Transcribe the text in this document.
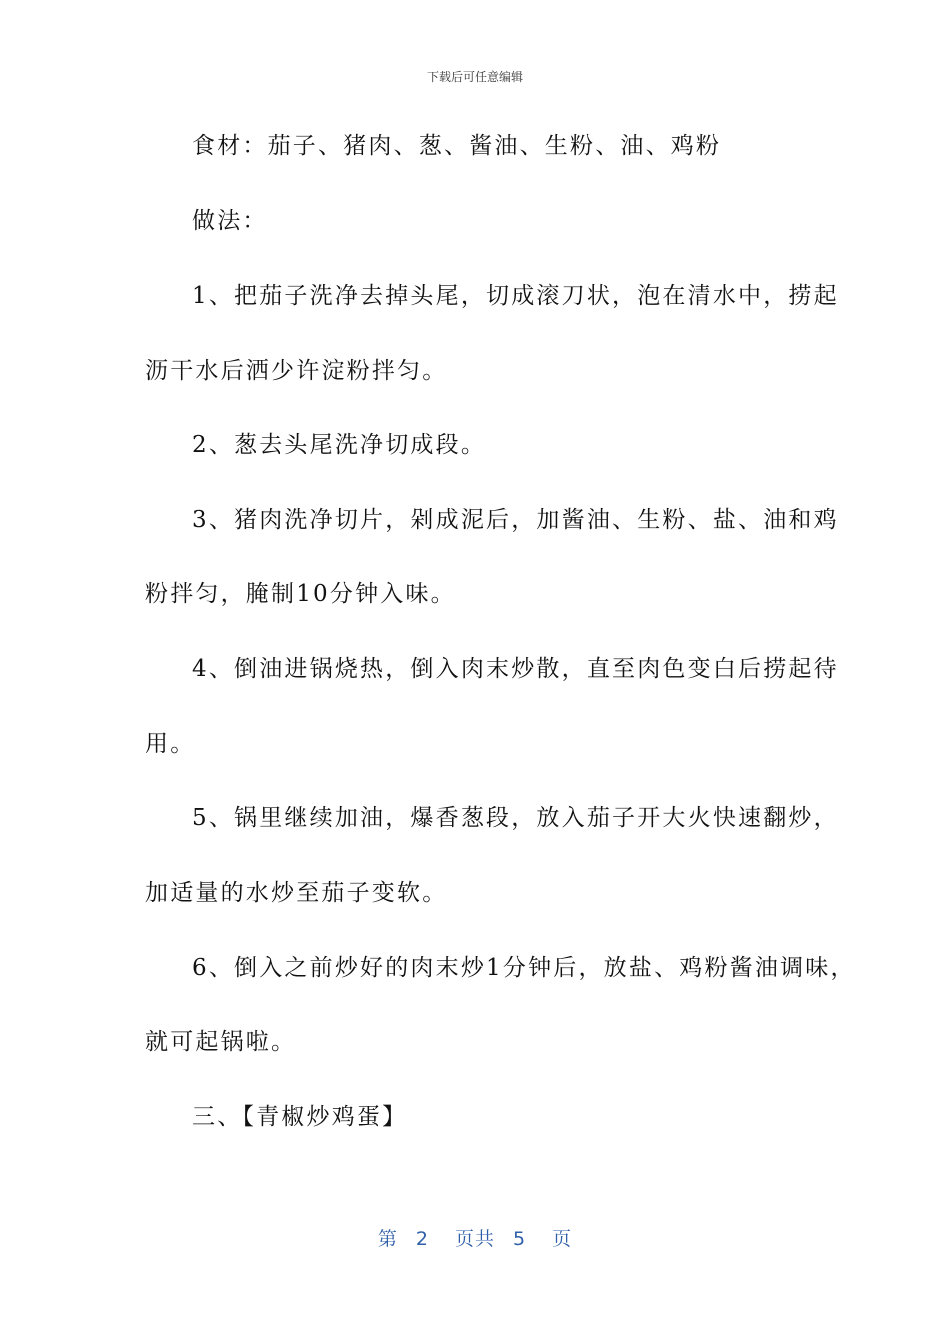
下载后可任意编辑
食材：茄子、猪肉、葱、酱油、生粉、油、鸡粉
做法：
1、把茄子洗净去掉头尾，切成滚刀状，泡在清水中，捞起
沥干水后洒少许淀粉拌匀。
2、葱去头尾洗净切成段。
3、猪肉洗净切片，剁成泥后，加酱油、生粉、盐、油和鸡
粉拌匀，腌制10分钟入味。
4、倒油进锅烧热，倒入肉末炒散，直至肉色变白后捞起待
用。
5、锅里继续加油，爆香葱段，放入茄子开大火快速翻炒，
加适量的水炒至茄子变软。
6、倒入之前炒好的肉末炒1分钟后，放盐、鸡粉酱油调味，
就可起锅啦。
三、【青椒炒鸡蛋】
第 2 页共 5 页
